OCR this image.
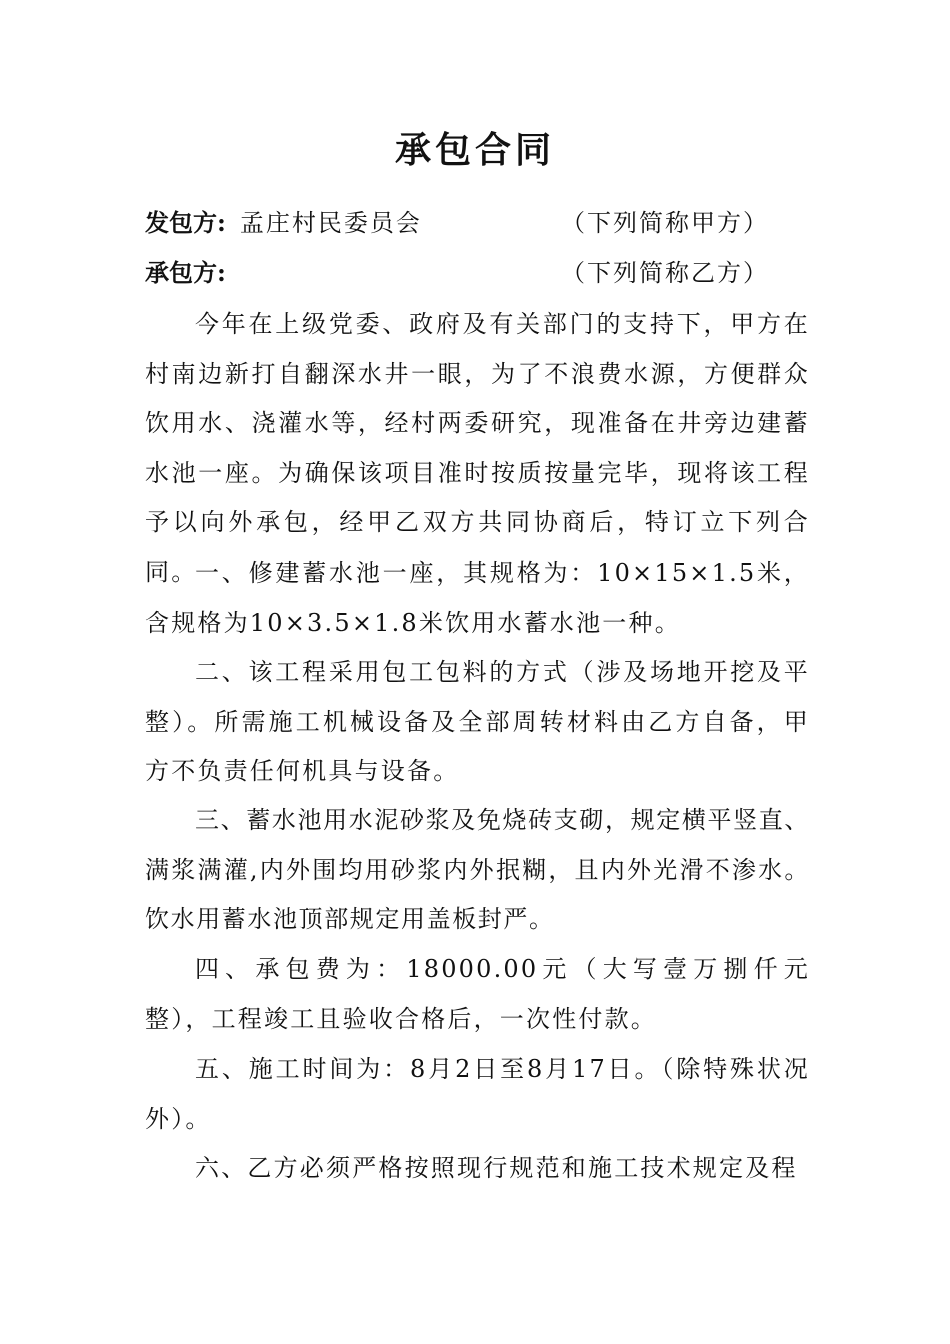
承包合同
发包方: 孟庄村民委员会	（下列简称甲方）
承包方:	（下列简称乙方）

今年在上级党委、政府及有关部门的支持下，甲方在村南边新打自翻深水井一眼，为了不浪费水源，方便群众饮用水、浇灌水等，经村两委研究，现准备在井旁边建蓄水池一座。为确保该项目准时按质按量完毕，现将该工程予以向外承包，经甲乙双方共同协商后，特订立下列合同。

一、修建蓄水池一座，其规格为：10×15×1.5米，含规格为10×3.5×1.8米饮用水蓄水池一种。

二、该工程采用包工包料的方式（涉及场地开挖及平整）。所需施工机械设备及全部周转材料由乙方自备，甲方不负责任何机具与设备。

三、蓄水池用水泥砂浆及免烧砖支砌，规定横平竖直、满浆满灌,内外围均用砂浆内外抿糊，且内外光滑不渗水。饮水用蓄水池顶部规定用盖板封严。

四、承包费为：18000.00元（大写壹万捌仟元整），工程竣工且验收合格后，一次性付款。

五、施工时间为：8月2日至8月17日。（除特殊状况外）。

六、乙方必须严格按照现行规范和施工技术规定及程
